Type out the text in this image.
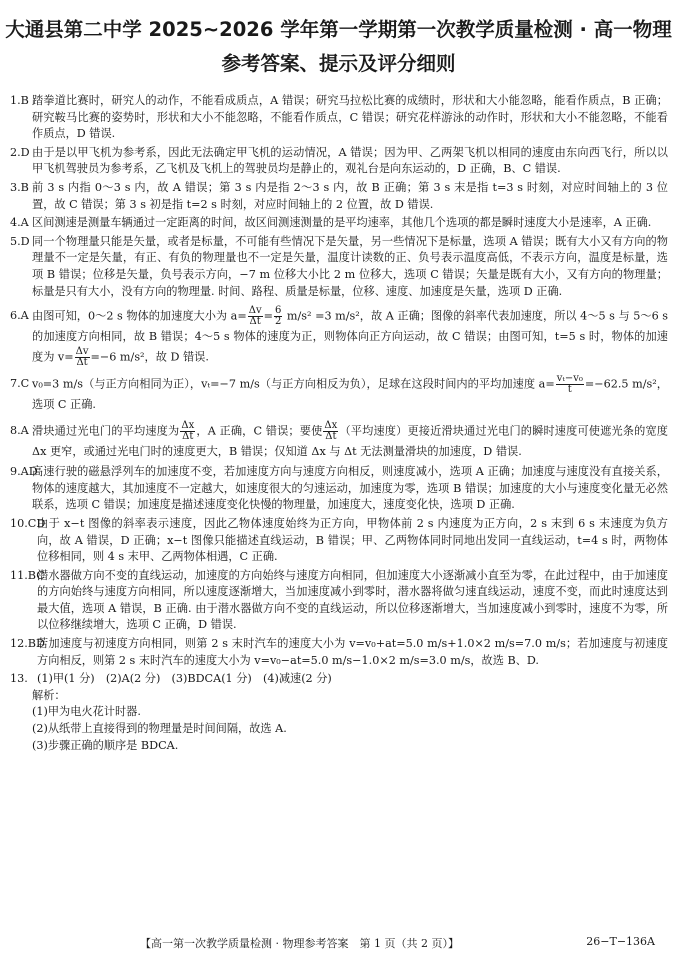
大通县第二中学 2025~2026 学年第一学期第一次教学质量检测 · 高一物理
参考答案、提示及评分细则
1.B 踏拳道比赛时，研究人的动作，不能看成质点，A 错误；研究马拉松比赛的成绩时，形状和大小能忽略，能看作质点，B 正确；研究鞍马比赛的姿势时，形状和大小不能忽略，不能看作质点，C 错误；研究花样游泳的动作时，形状和大小不能忽略，不能看作质点，D 错误.
2.D 由于是以甲飞机为参考系，因此无法确定甲飞机的运动情况，A 错误；因为甲、乙两架飞机以相同的速度由东向西飞行，所以以甲飞机驾驶员为参考系，乙飞机及飞机上的驾驶员均是静止的，观礼台是向东运动的，D 正确，B、C 错误.
3.B 前 3 s 内指 0～3 s 内，故 A 错误；第 3 s 内是指 2～3 s 内，故 B 正确；第 3 s 末是指 t=3 s 时刻，对应时间轴上的 3 位置，故 C 错误；第 3 s 初是指 t=2 s 时刻，对应时间轴上的 2 位置，故 D 错误.
4.A 区间测速是测量车辆通过一定距离的时间，故区间测速测量的是平均速率，其他几个选项的都是瞬时速度大小是速率，A 正确.
5.D 同一个物理量只能是矢量，或者是标量，不可能有些情况下是矢量，另一些情况下是标量，选项 A 错误；既有大小又有方向的物理量不一定是矢量，有正、有负的物理量也不一定是矢量，温度计读数的正、负号表示温度高低，不表示方向，温度是标量，选项 B 错误；位移是矢量，负号表示方向，−7 m 位移大小比 2 m 位移大，选项 C 错误；矢量是既有大小，又有方向的物理量；标量是只有大小，没有方向的物理量. 时间、路程、质量是标量，位移、速度、加速度是矢量，选项 D 正确.
6.A 由图可知，0～2 s 物体的加速度大小为 $a= \frac{\Delta v}{\Delta t} = \frac{6}{2} m/s^2 =3$ m/s²，故 A 正确；图像的斜率代表加速度，所以 4～5 s 与 5～6 s 的加速度方向相同，故 B 错误；4～5 s 物体的速度为正，则物体向正方向运动，故 C 错误；由图可知，t=5 s 时，物体的加速度为 $v= \frac{\Delta v}{\Delta t} =-6$ m/s²，故 D 错误.
7.C v₀=3 m/s（与正方向相同为正），vₜ=−7 m/s（与正方向相反为负），足球在这段时间内的平均加速度 $a= \frac{\text{vₜ−v₀}}{t} =-62.5$ m/s²，选项 C 正确.
8.A 滑块通过光电门的平均速度为 $\frac{\Delta x}{\Delta t}$ ，A 正确，C 错误；要使 $\frac{\Delta x}{\Delta t}$ （平均速度）更接近滑块通过光电门的瞬时速度可使遮光条的宽度 Δx 更窄，或通过光电门时的速度更大，B 错误；仅知道 Δx 与 Δt 无法测量滑块的加速度，D 错误.
9.AD
高速行驶的磁悬浮列车的加速度不变，若加速度方向与速度方向相反，则速度减小，选项 A 正确；加速度与速度没有直接关系，物体的速度越大，其加速度不一定越大，如速度很大的匀速运动，加速度为零，选项 B 错误；加速度的大小与速度变化量无必然联系，选项 C 错误；加速度是描述速度变化快慢的物理量，加速度大，速度变化快，选项 D 正确.
10.CD
由于 x−t 图像的斜率表示速度，因此乙物体速度始终为正方向，甲物体前 2 s 内速度为正方向，2 s 末到 6 s 末速度为负方向，故 A 错误，D 正确；x−t 图像只能描述直线运动，B 错误；甲、乙两物体同时同地出发同一直线运动，t=4 s 时，两物体位移相同，则 4 s 末甲、乙两物体相遇，C 正确.
11.BC
潜水器做方向不变的直线运动，加速度的方向始终与速度方向相同，但加速度大小逐渐减小直至为零，在此过程中，由于加速度的方向始终与速度方向相同，所以速度逐渐增大，当加速度减小到零时，潜水器将做匀速直线运动，速度不变，而此时速度达到最大值，选项 A 错误，B 正确. 由于潜水器做方向不变的直线运动，所以位移逐渐增大，当加速度减小到零时，速度不为零，所以位移继续增大，选项 C 正确，D 错误.
12.BD
若加速度与初速度方向相同，则第 2 s 末时汽车的速度大小为 v=v₀+at=5.0 m/s+1.0×2 m/s=7.0 m/s；若加速度与初速度方向相反，则第 2 s 末时汽车的速度大小为 v=v₀−at=5.0 m/s−1.0×2 m/s=3.0 m/s，故选 B、D.
13. (1)甲(1 分)　(2)A(2 分)　(3)BDCA(1 分)　(4)减速(2 分)
解析：
(1)甲为电火花计时器.
(2)从纸带上直接得到的物理量是时间间隔，故选 A.
(3)步骤正确的顺序是 BDCA.
【高一第一次教学质量检测 · 物理参考答案　第 1 页（共 2 页）】	26−T−136A
